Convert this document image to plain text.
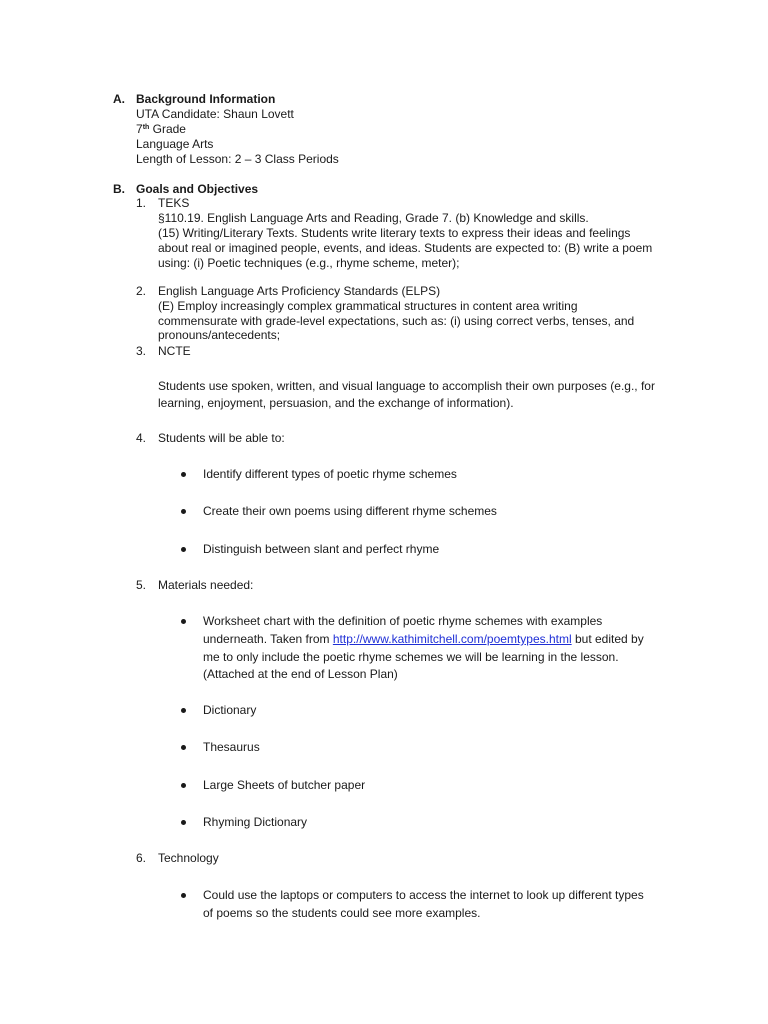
A. Background Information
UTA Candidate: Shaun Lovett
7th Grade
Language Arts
Length of Lesson: 2 – 3 Class Periods
B. Goals and Objectives
1. TEKS
§110.19. English Language Arts and Reading, Grade 7. (b) Knowledge and skills.
(15) Writing/Literary Texts. Students write literary texts to express their ideas and feelings
about real or imagined people, events, and ideas. Students are expected to: (B) write a poem
using: (i) Poetic techniques (e.g., rhyme scheme, meter);
2. English Language Arts Proficiency Standards (ELPS)
(E) Employ increasingly complex grammatical structures in content area writing
commensurate with grade-level expectations, such as: (i) using correct verbs, tenses, and
pronouns/antecedents;
3. NCTE
Students use spoken, written, and visual language to accomplish their own purposes (e.g., for
learning, enjoyment, persuasion, and the exchange of information).
4. Students will be able to:
Identify different types of poetic rhyme schemes
Create their own poems using different rhyme schemes
Distinguish between slant and perfect rhyme
5. Materials needed:
Worksheet chart with the definition of poetic rhyme schemes with examples
underneath. Taken from http://www.kathimitchell.com/poemtypes.html but edited by
me to only include the poetic rhyme schemes we will be learning in the lesson.
(Attached at the end of Lesson Plan)
Dictionary
Thesaurus
Large Sheets of butcher paper
Rhyming Dictionary
6. Technology
Could use the laptops or computers to access the internet to look up different types
of poems so the students could see more examples.
